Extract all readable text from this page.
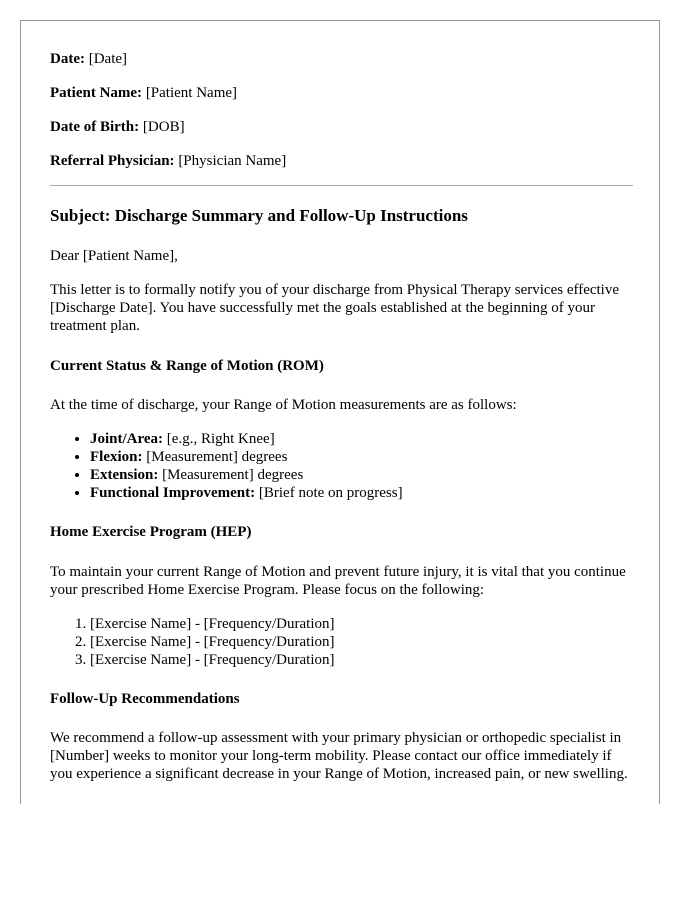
Date: [Date]
Patient Name: [Patient Name]
Date of Birth: [DOB]
Referral Physician: [Physician Name]
Subject: Discharge Summary and Follow-Up Instructions

Dear [Patient Name],

This letter is to formally notify you of your discharge from Physical Therapy services effective [Discharge Date]. You have successfully met the goals established at the beginning of your treatment plan.

Current Status & Range of Motion (ROM)

At the time of discharge, your Range of Motion measurements are as follows:

• Joint/Area: [e.g., Right Knee]
• Flexion: [Measurement] degrees
• Extension: [Measurement] degrees
• Functional Improvement: [Brief note on progress]
Home Exercise Program (HEP)

To maintain your current Range of Motion and prevent future injury, it is vital that you continue your prescribed Home Exercise Program. Please focus on the following:

1. [Exercise Name] - [Frequency/Duration]
2. [Exercise Name] - [Frequency/Duration]
3. [Exercise Name] - [Frequency/Duration]
Follow-Up Recommendations

We recommend a follow-up assessment with your primary physician or orthopedic specialist in [Number] weeks to monitor your long-term mobility. Please contact our office immediately if you experience a significant decrease in your Range of Motion, increased pain, or new swelling.
